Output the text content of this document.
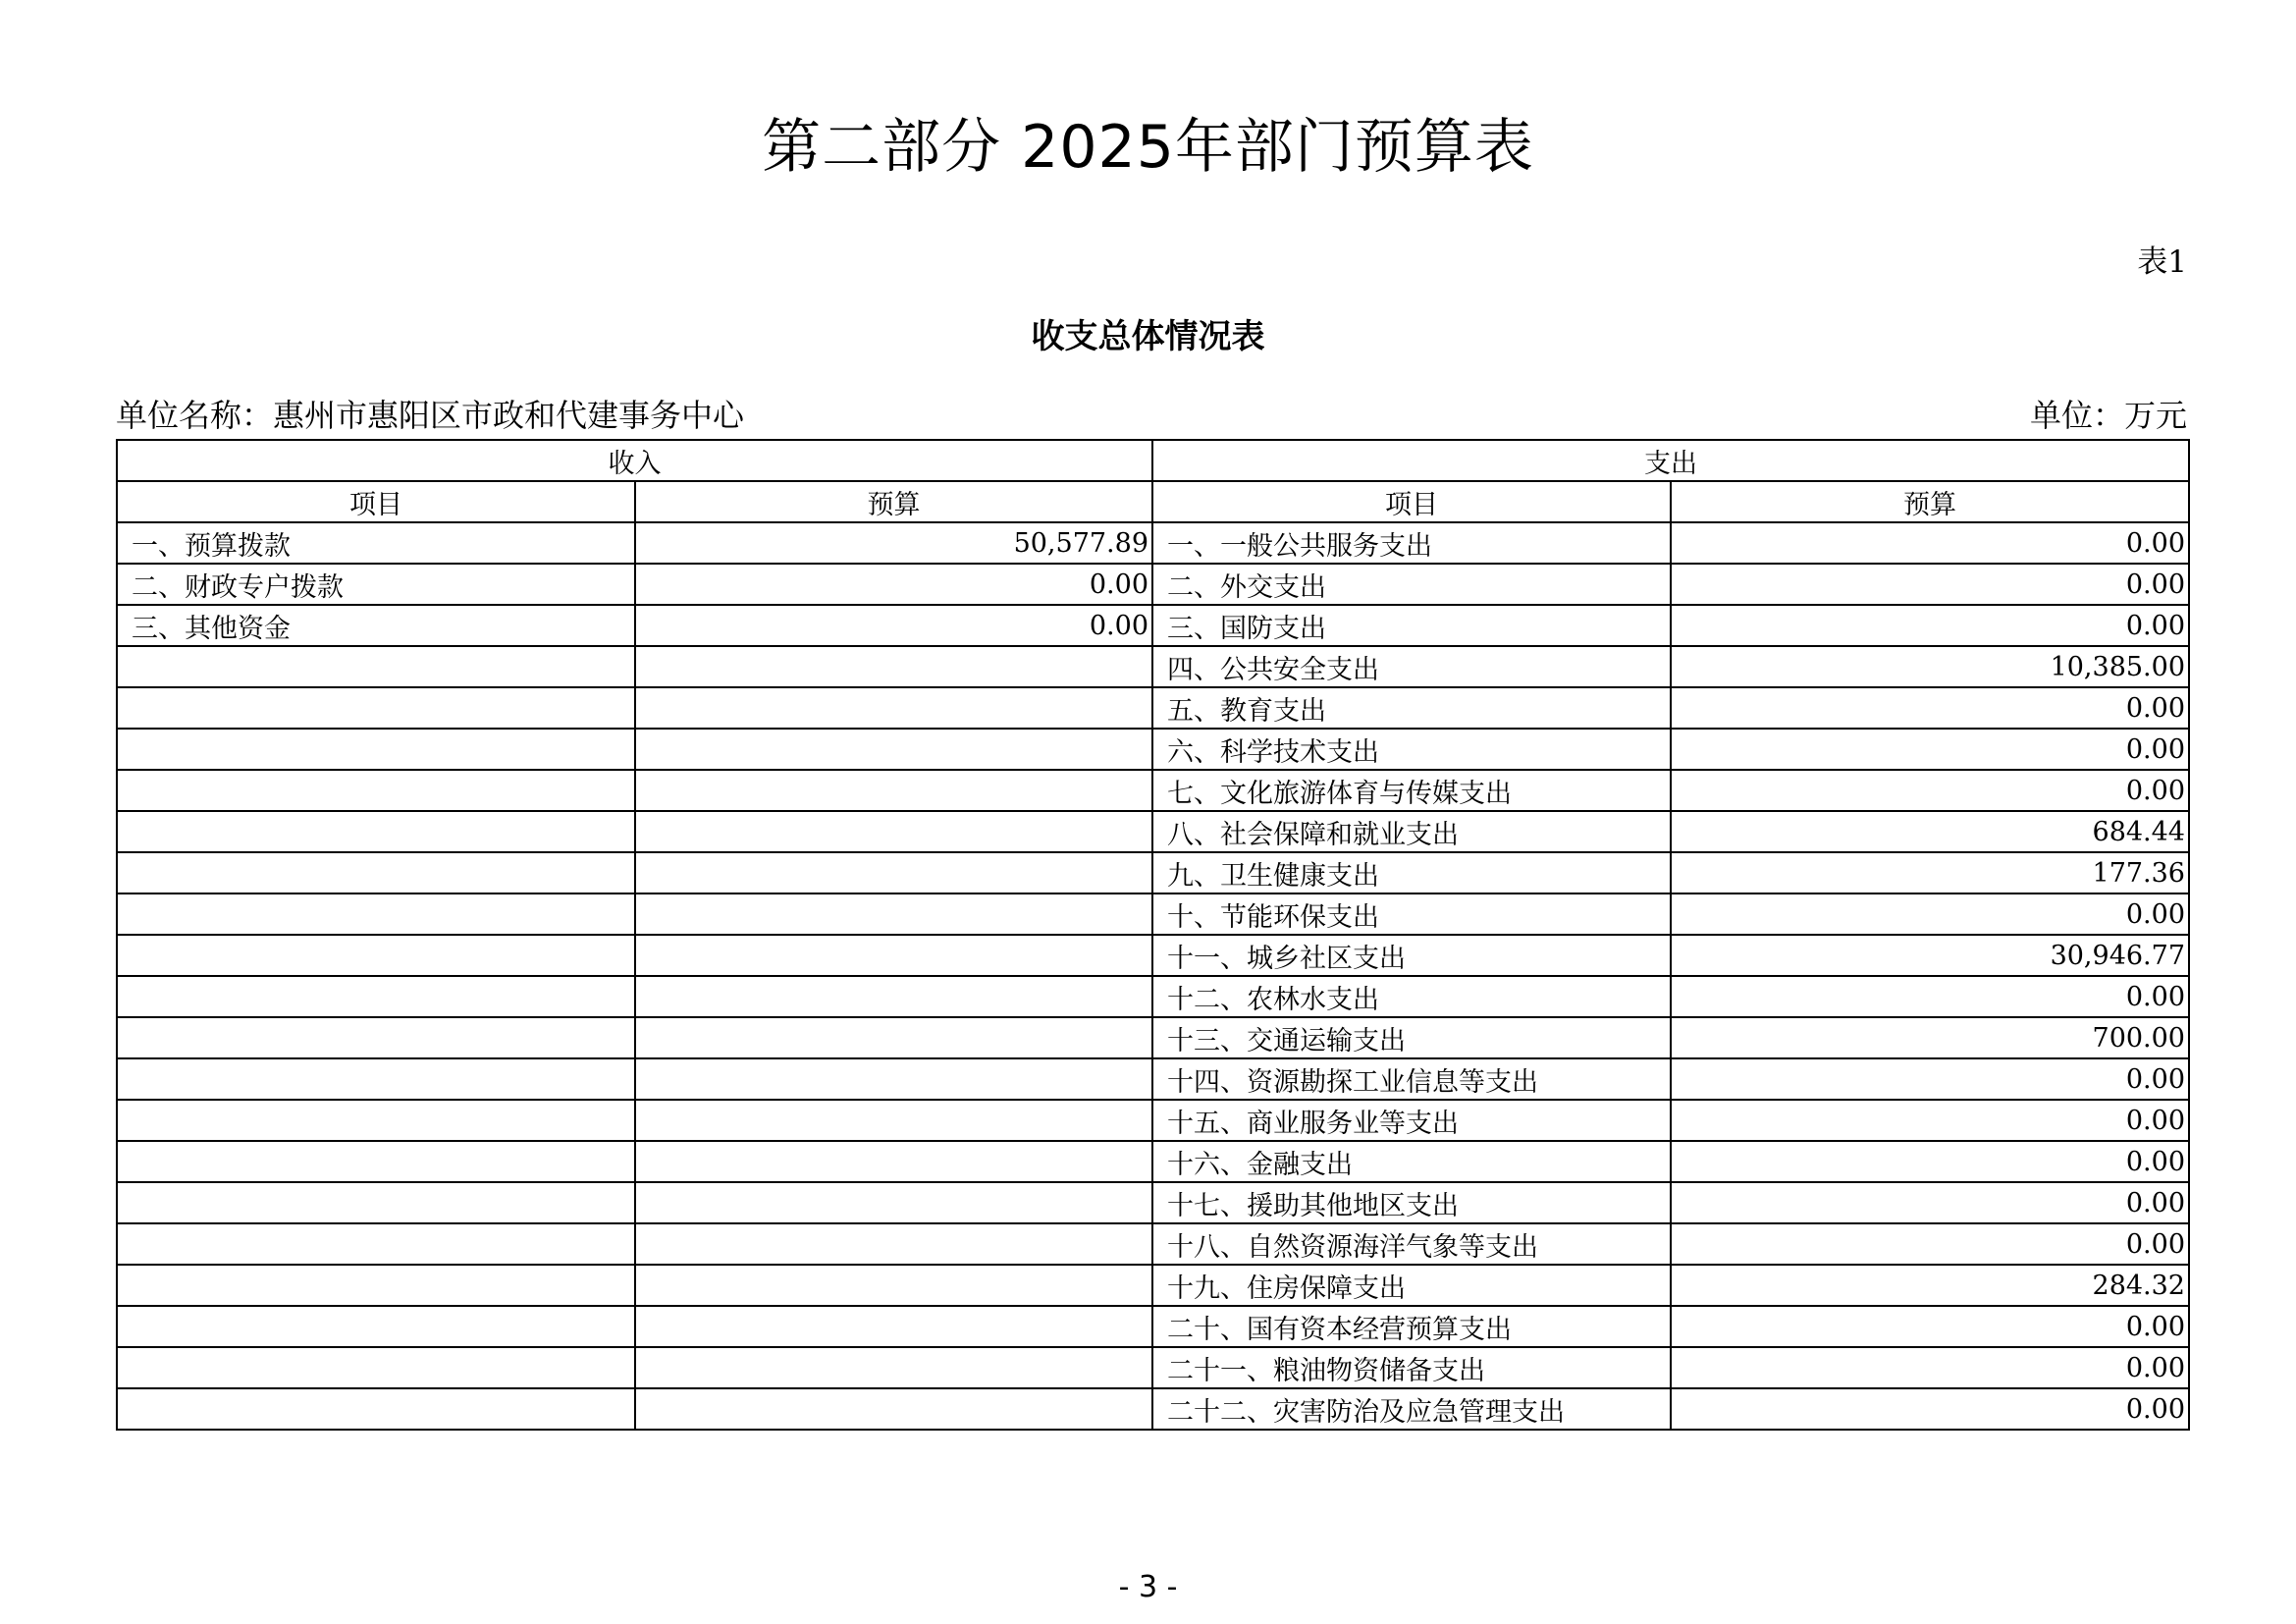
第二部分 2025年部门预算表
表1
收支总体情况表
单位名称：惠州市惠阳区市政和代建事务中心	单位：万元
收入		支出	
项目	预算	项目	预算
一、预算拨款	50,577.89	一、一般公共服务支出	0.00
二、财政专户拨款	0.00	二、外交支出	0.00
三、其他资金	0.00	三、国防支出	0.00
		四、公共安全支出	10,385.00
		五、教育支出	0.00
		六、科学技术支出	0.00
		七、文化旅游体育与传媒支出	0.00
		八、社会保障和就业支出	684.44
		九、卫生健康支出	177.36
		十、节能环保支出	0.00
		十一、城乡社区支出	30,946.77
		十二、农林水支出	0.00
		十三、交通运输支出	700.00
		十四、资源勘探工业信息等支出	0.00
		十五、商业服务业等支出	0.00
		十六、金融支出	0.00
		十七、援助其他地区支出	0.00
		十八、自然资源海洋气象等支出	0.00
		十九、住房保障支出	284.32
		二十、国有资本经营预算支出	0.00
		二十一、粮油物资储备支出	0.00
		二十二、灾害防治及应急管理支出	0.00
- 3 -
